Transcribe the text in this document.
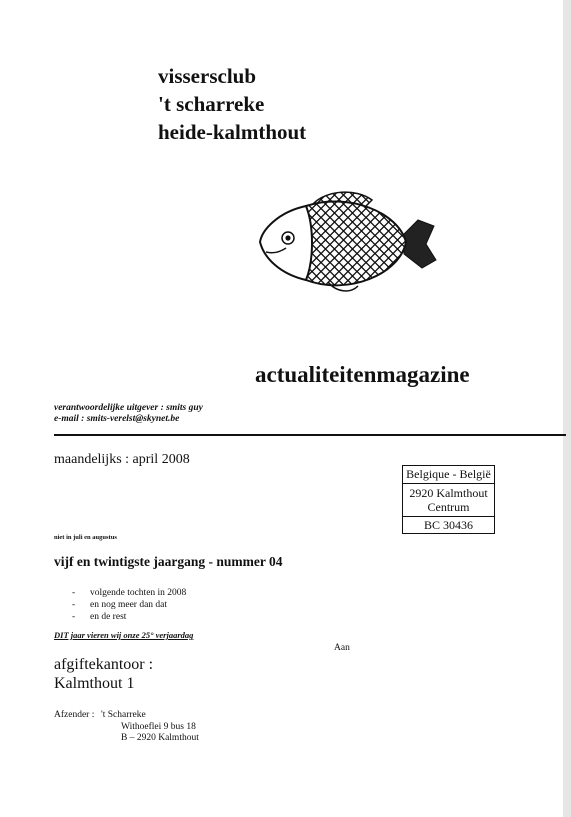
vissersclub
't scharreke
heide-kalmthout
actualiteitenmagazine
verantwoordelijke uitgever : smits guy
e-mail : smits-verelst@skynet.be
maandelijks : april 2008
Belgique - België
2920 Kalmthout
Centrum
BC 30436
niet in juli en augustus
vijf en twintigste jaargang - nummer 04
- volgende tochten in 2008
- en nog meer dan dat
- en de rest
DIT jaar vieren wij onze 25° verjaardag
Aan
afgiftekantoor :
Kalmthout 1
Afzender : 't Scharreke
Withoeflei 9 bus 18
B – 2920 Kalmthout
